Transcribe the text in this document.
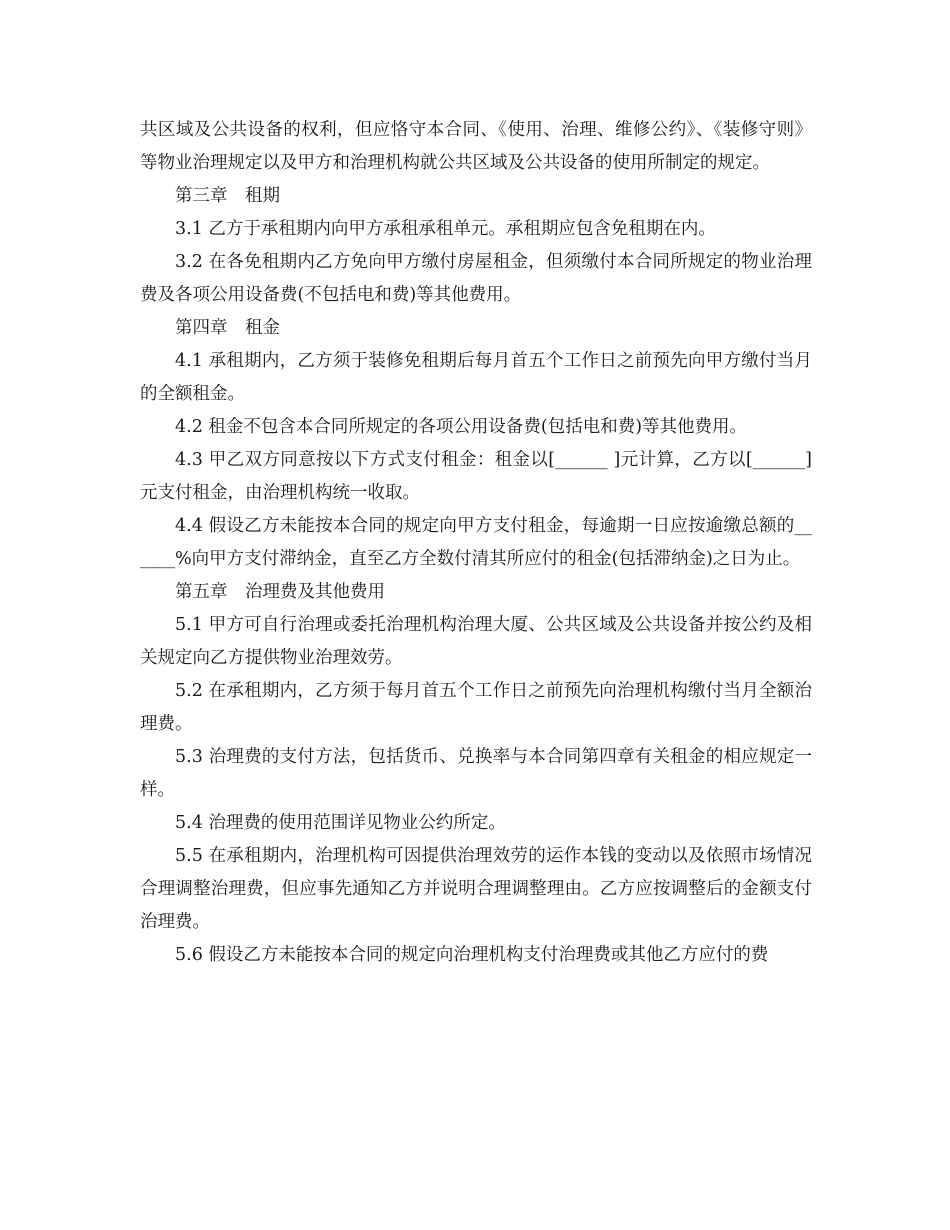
共区域及公共设备的权利，但应恪守本合同、《使用、治理、维修公约》、《装修守则》等物业治理规定以及甲方和治理机构就公共区域及公共设备的使用所制定的规定。

第三章 租期

3.1 乙方于承租期内向甲方承租承租单元。承租期应包含免租期在内。

3.2 在各免租期内乙方免向甲方缴付房屋租金，但须缴付本合同所规定的物业治理费及各项公用设备费(不包括电和费)等其他费用。

第四章 租金

4.1 承租期内，乙方须于装修免租期后每月首五个工作日之前预先向甲方缴付当月的全额租金。

4.2 租金不包含本合同所规定的各项公用设备费(包括电和费)等其他费用。

4.3 甲乙双方同意按以下方式支付租金：租金以[______ ]元计算，乙方以[______]元支付租金，由治理机构统一收取。

4.4 假设乙方未能按本合同的规定向甲方支付租金，每逾期一日应按逾缴总额的______%向甲方支付滞纳金，直至乙方全数付清其所应付的租金(包括滞纳金)之日为止。

第五章 治理费及其他费用

5.1 甲方可自行治理或委托治理机构治理大厦、公共区域及公共设备并按公约及相关规定向乙方提供物业治理效劳。

5.2 在承租期内，乙方须于每月首五个工作日之前预先向治理机构缴付当月全额治理费。

5.3 治理费的支付方法，包括货币、兑换率与本合同第四章有关租金的相应规定一样。

5.4 治理费的使用范围详见物业公约所定。

5.5 在承租期内，治理机构可因提供治理效劳的运作本钱的变动以及依照市场情况合理调整治理费，但应事先通知乙方并说明合理调整理由。乙方应按调整后的金额支付治理费。

5.6 假设乙方未能按本合同的规定向治理机构支付治理费或其他乙方应付的费
